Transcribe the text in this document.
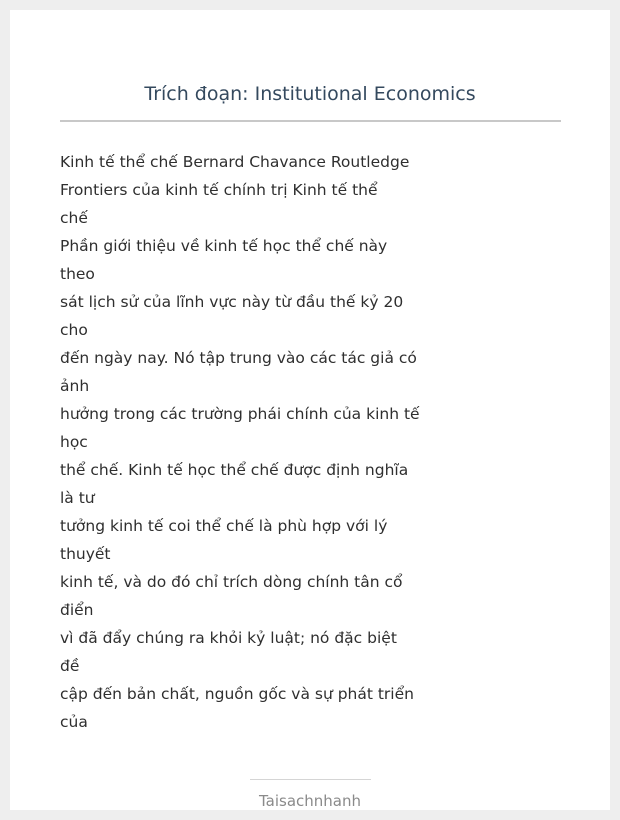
Trích đoạn: Institutional Economics
Kinh tế thể chế Bernard Chavance Routledge
Frontiers của kinh tế chính trị Kinh tế thể
chế
Phần giới thiệu về kinh tế học thể chế này
theo
sát lịch sử của lĩnh vực này từ đầu thế kỷ 20
cho
đến ngày nay. Nó tập trung vào các tác giả có
ảnh
hưởng trong các trường phái chính của kinh tế
học
thể chế. Kinh tế học thể chế được định nghĩa
là tư
tưởng kinh tế coi thể chế là phù hợp với lý
thuyết
kinh tế, và do đó chỉ trích dòng chính tân cổ
điển
vì đã đẩy chúng ra khỏi kỷ luật; nó đặc biệt
đề
cập đến bản chất, nguồn gốc và sự phát triển
của
Taisachnhanh
